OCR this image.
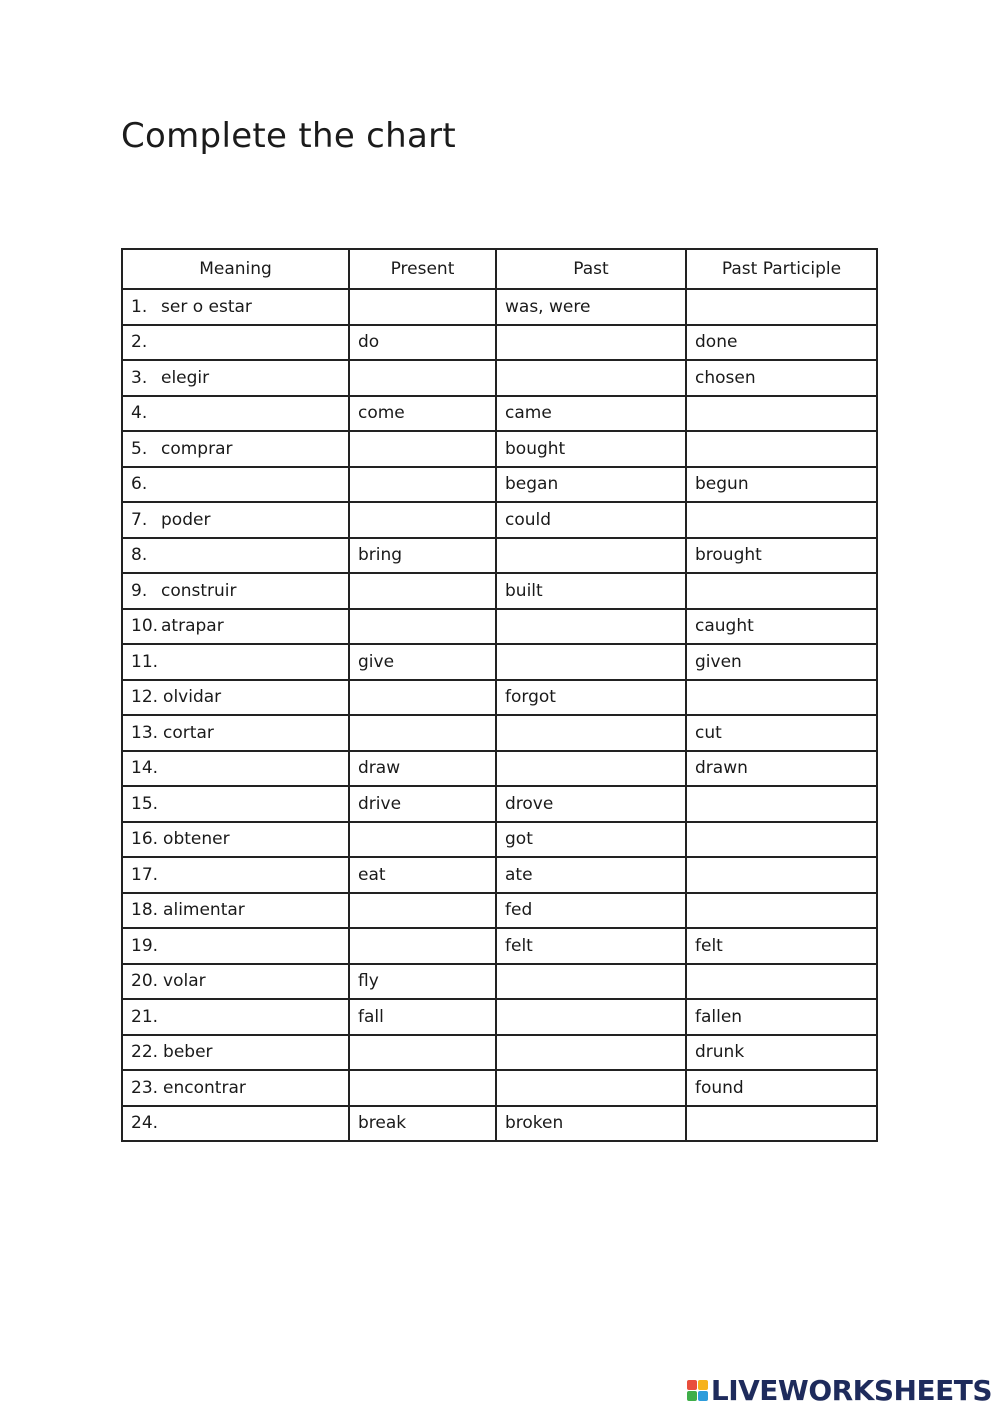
Complete the chart
Meaning	Present	Past	Past Participle
1. ser o estar		was, were	
2.	do		done
3. elegir			chosen
4.	come	came	
5. comprar		bought	
6.		began	begun
7. poder		could	
8.	bring		brought
9. construir		built	
10. atrapar			caught
11.	give		given
12. olvidar		forgot	
13. cortar			cut
14.	draw		drawn
15.	drive	drove	
16. obtener		got	
17.	eat	ate	
18. alimentar		fed	
19.		felt	felt
20. volar	fly		
21.	fall		fallen
22. beber			drunk
23. encontrar			found
24.	break	broken	
LIVEWORKSHEETS
